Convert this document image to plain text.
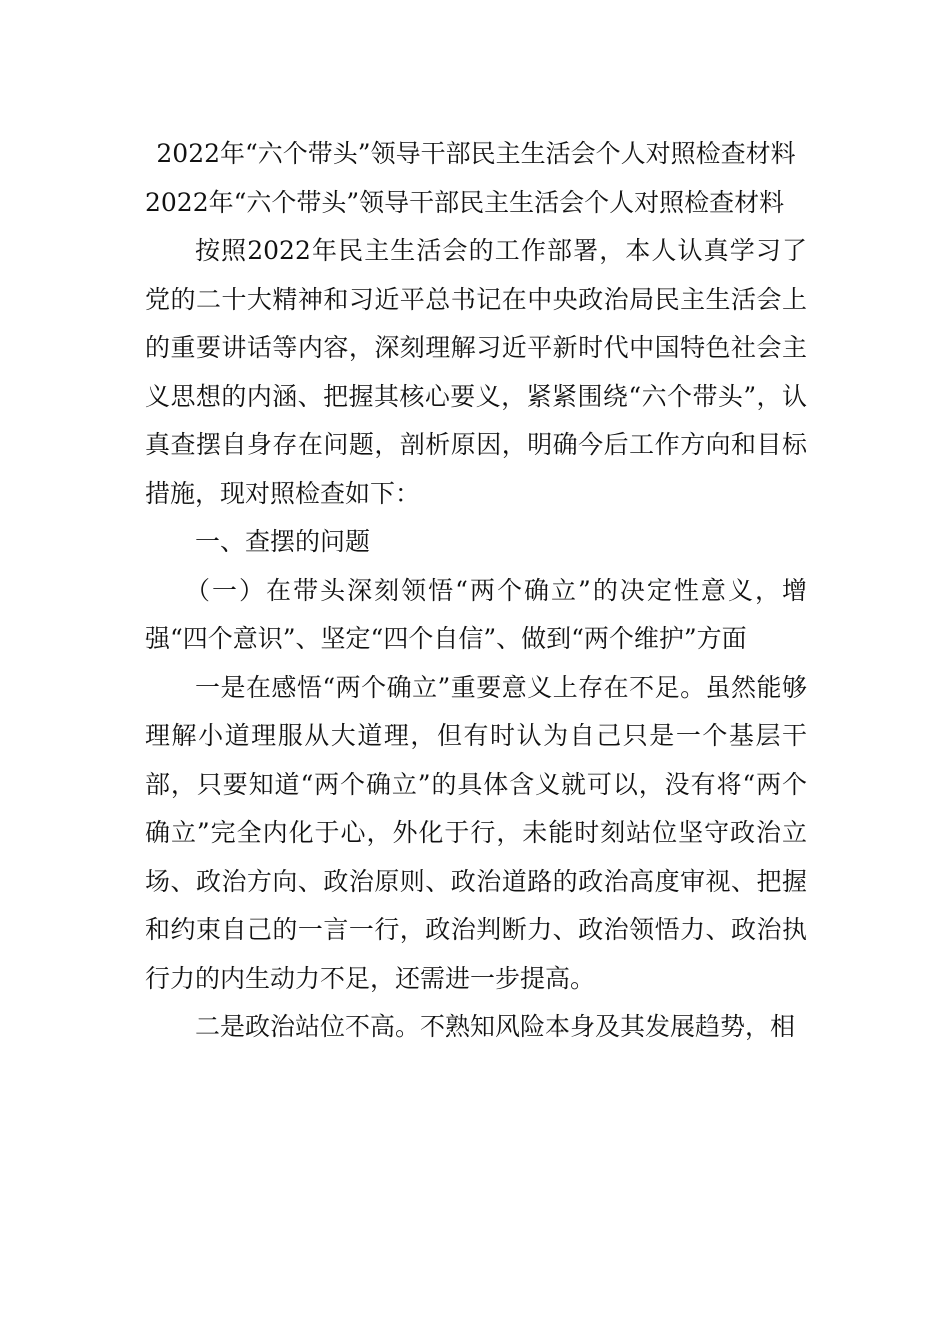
2022年“六个带头”领导干部民主生活会个人对照检查材料

2022年“六个带头”领导干部民主生活会个人对照检查材料

按照2022年民主生活会的工作部署，本人认真学习了党的二十大精神和习近平总书记在中央政治局民主生活会上的重要讲话等内容，深刻理解习近平新时代中国特色社会主义思想的内涵、把握其核心要义，紧紧围绕“六个带头”，认真查摆自身存在问题，剖析原因，明确今后工作方向和目标措施，现对照检查如下：

一、查摆的问题

（一）在带头深刻领悟“两个确立”的决定性意义，增强“四个意识”、坚定“四个自信”、做到“两个维护”方面

一是在感悟“两个确立”重要意义上存在不足。虽然能够理解小道理服从大道理，但有时认为自己只是一个基层干部，只要知道“两个确立”的具体含义就可以，没有将“两个确立”完全内化于心，外化于行，未能时刻站位坚守政治立场、政治方向、政治原则、政治道路的政治高度审视、把握和约束自己的一言一行，政治判断力、政治领悟力、政治执行力的内生动力不足，还需进一步提高。

二是政治站位不高。不熟知风险本身及其发展趋势，相
